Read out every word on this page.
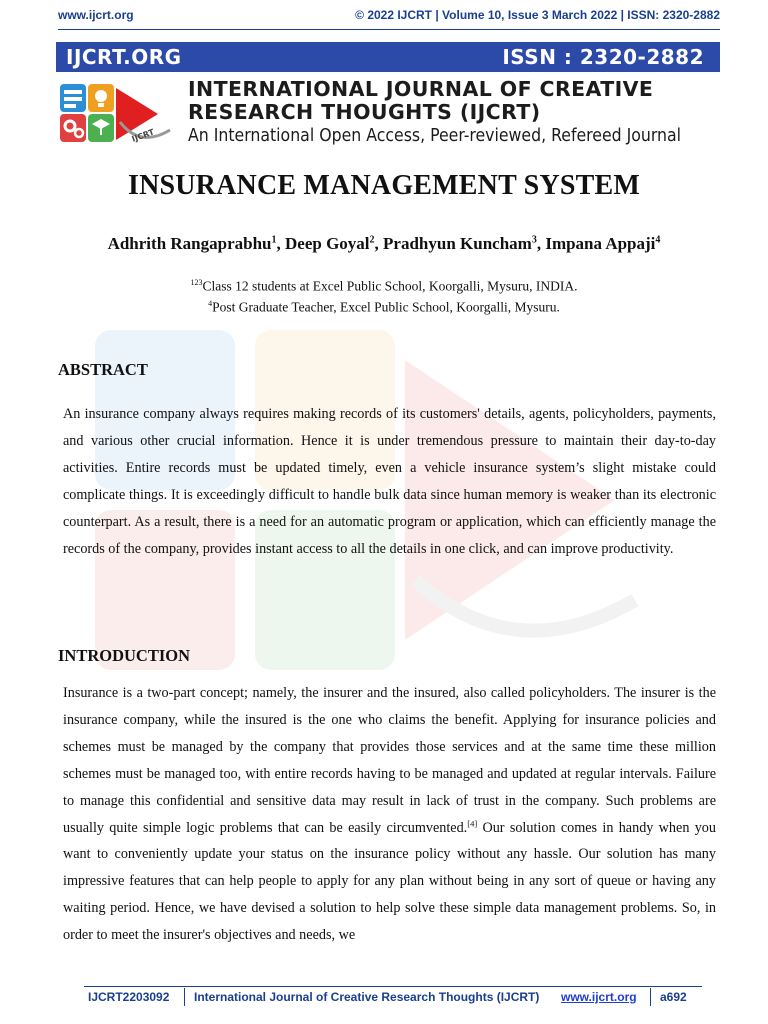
www.ijcrt.org	© 2022 IJCRT | Volume 10, Issue 3 March 2022 | ISSN: 2320-2882
IJCRT.ORG	ISSN : 2320-2882
IJCRT
INTERNATIONAL JOURNAL OF CREATIVE
RESEARCH THOUGHTS (IJCRT)
An International Open Access, Peer-reviewed, Refereed Journal
INSURANCE MANAGEMENT SYSTEM
Adhrith Rangaprabhu$^1$, Deep Goyal$^2$, Pradhyun Kuncham$^3$, Impana Appaji$^4$
$^{123}$Class 12 students at Excel Public School, Koorgalli, Mysuru, INDIA.
$^4$Post Graduate Teacher, Excel Public School, Koorgalli, Mysuru.
ABSTRACT
An insurance company always requires making records of its customers' details, agents, policyholders, payments, and various other crucial information. Hence it is under tremendous pressure to maintain their day-to-day activities. Entire records must be updated timely, even a vehicle insurance system’s slight mistake could complicate things. It is exceedingly difficult to handle bulk data since human memory is weaker than its electronic counterpart. As a result, there is a need for an automatic program or application, which can efficiently manage the records of the company, provides instant access to all the details in one click, and can improve productivity.
INTRODUCTION
Insurance is a two-part concept; namely, the insurer and the insured, also called policyholders. The insurer is the insurance company, while the insured is the one who claims the benefit. Applying for insurance policies and schemes must be managed by the company that provides those services and at the same time these million schemes must be managed too, with entire records having to be managed and updated at regular intervals. Failure to manage this confidential and sensitive data may result in lack of trust in the company. Such problems are usually quite simple logic problems that can be easily circumvented.[4] Our solution comes in handy when you want to conveniently update your status on the insurance policy without any hassle. Our solution has many impressive features that can help people to apply for any plan without being in any sort of queue or having any waiting period. Hence, we have devised a solution to help solve these simple data management problems. So, in order to meet the insurer's objectives and needs, we
IJCRT2203092 International Journal of Creative Research Thoughts (IJCRT) www.ijcrt.org a692
